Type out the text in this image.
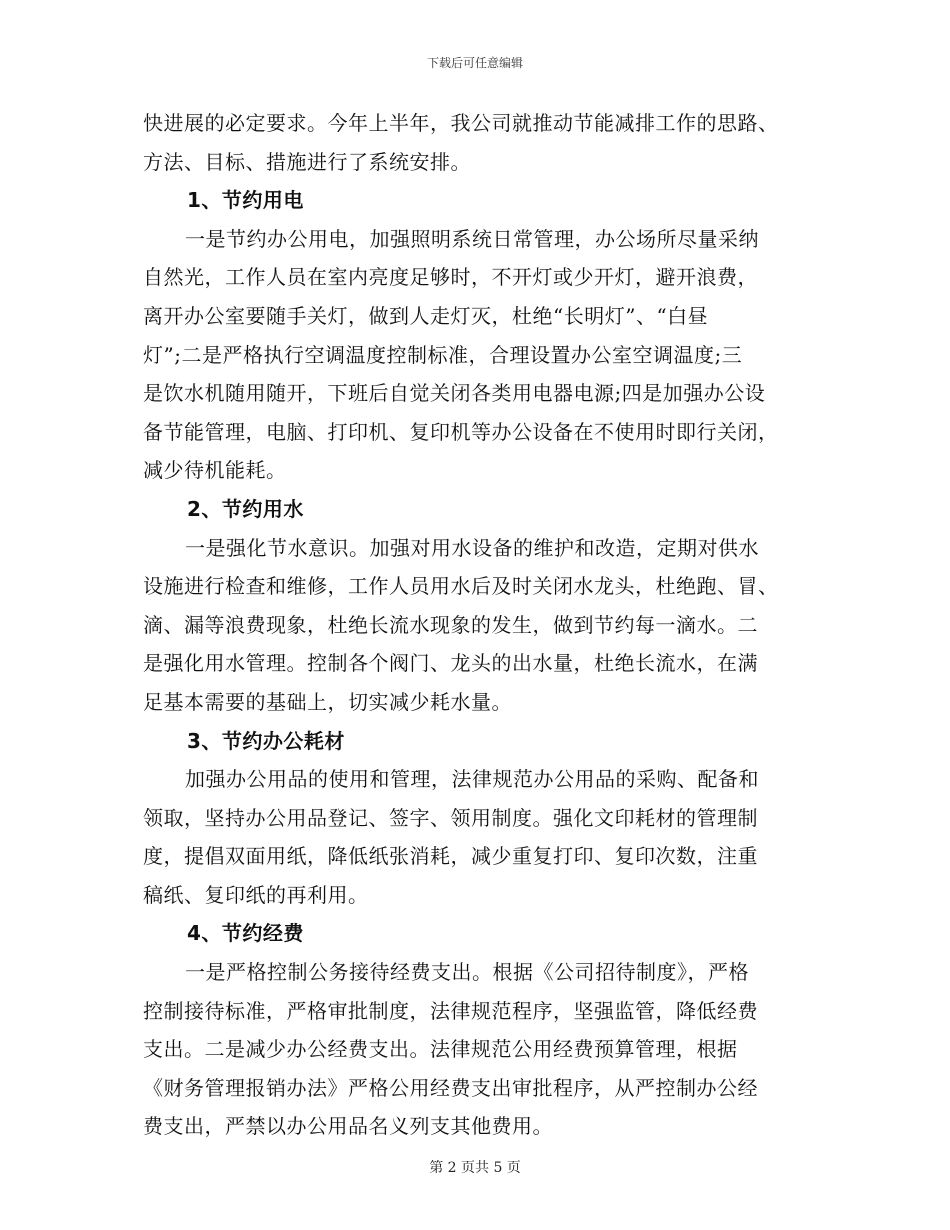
下载后可任意编辑
快进展的必定要求。今年上半年，我公司就推动节能减排工作的思路、
方法、目标、措施进行了系统安排。
1、节约用电
一是节约办公用电，加强照明系统日常管理，办公场所尽量采纳
自然光，工作人员在室内亮度足够时，不开灯或少开灯，避开浪费，
离开办公室要随手关灯，做到人走灯灭，杜绝“长明灯”、“白昼
灯”;二是严格执行空调温度控制标准，合理设置办公室空调温度;三
是饮水机随用随开，下班后自觉关闭各类用电器电源;四是加强办公设
备节能管理，电脑、打印机、复印机等办公设备在不使用时即行关闭，
减少待机能耗。
2、节约用水
一是强化节水意识。加强对用水设备的维护和改造，定期对供水
设施进行检查和维修，工作人员用水后及时关闭水龙头，杜绝跑、冒、
滴、漏等浪费现象，杜绝长流水现象的发生，做到节约每一滴水。二
是强化用水管理。控制各个阀门、龙头的出水量，杜绝长流水，在满
足基本需要的基础上，切实减少耗水量。
3、节约办公耗材
加强办公用品的使用和管理，法律规范办公用品的采购、配备和
领取，坚持办公用品登记、签字、领用制度。强化文印耗材的管理制
度，提倡双面用纸，降低纸张消耗，减少重复打印、复印次数，注重
稿纸、复印纸的再利用。
4、节约经费
一是严格控制公务接待经费支出。根据《公司招待制度》，严格
控制接待标准，严格审批制度，法律规范程序，坚强监管，降低经费
支出。二是减少办公经费支出。法律规范公用经费预算管理，根据
《财务管理报销办法》严格公用经费支出审批程序，从严控制办公经
费支出，严禁以办公用品名义列支其他费用。
第 2 页共 5 页
